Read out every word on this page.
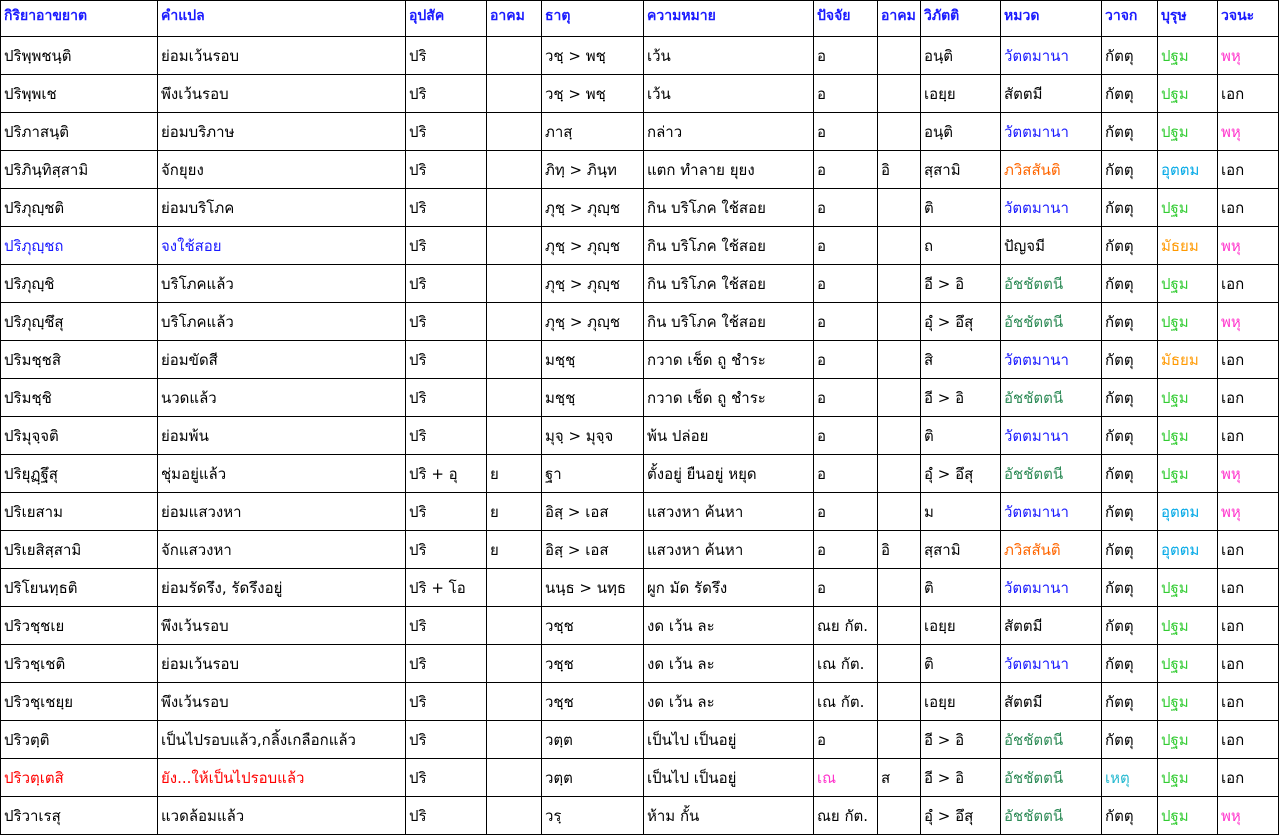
กิริยาอาขยาต	คำแปล	อุปสัค	อาคม	ธาตุ	ความหมาย	ปัจจัย	อาคม	วิภัตติ	หมวด	วาจก	บุรุษ	วจนะ
ปริพฺพชนฺติ	ย่อมเว้นรอบ	ปริ		วชฺ > พชฺ	เว้น	อ		อนฺติ	วัตตมานา	กัตตุ	ปฐม	พหุ
ปริพฺพเช	พึงเว้นรอบ	ปริ		วชฺ > พชฺ	เว้น	อ		เอยฺย	สัตตมี	กัตตุ	ปฐม	เอก
ปริภาสนฺติ	ย่อมบริภาษ	ปริ		ภาสฺ	กล่าว	อ		อนฺติ	วัตตมานา	กัตตุ	ปฐม	พหุ
ปริภินฺทิสฺสามิ	จักยุยง	ปริ		ภิทฺ > ภินฺท	แตก ทำลาย ยุยง	อ	อิ	สฺสามิ	ภวิสสันติ	กัตตุ	อุตตม	เอก
ปริภุญฺชติ	ย่อมบริโภค	ปริ		ภุชฺ > ภุญฺช	กิน บริโภค ใช้สอย	อ		ติ	วัตตมานา	กัตตุ	ปฐม	เอก
ปริภุญฺชถ	จงใช้สอย	ปริ		ภุชฺ > ภุญฺช	กิน บริโภค ใช้สอย	อ		ถ	ปัญจมี	กัตตุ	มัธยม	พหุ
ปริภุญฺชิ	บริโภคแล้ว	ปริ		ภุชฺ > ภุญฺช	กิน บริโภค ใช้สอย	อ		อี > อิ	อัชชัตตนี	กัตตุ	ปฐม	เอก
ปริภุญฺชึสุ	บริโภคแล้ว	ปริ		ภุชฺ > ภุญฺช	กิน บริโภค ใช้สอย	อ		อุํ > อึสุ	อัชชัตตนี	กัตตุ	ปฐม	พหุ
ปริมชฺชสิ	ย่อมขัดสี	ปริ		มชฺชฺ	กวาด เช็ด ถู ชำระ	อ		สิ	วัตตมานา	กัตตุ	มัธยม	เอก
ปริมชฺชิ	นวดแล้ว	ปริ		มชฺชฺ	กวาด เช็ด ถู ชำระ	อ		อี > อิ	อัชชัตตนี	กัตตุ	ปฐม	เอก
ปริมุจฺจติ	ย่อมพ้น	ปริ		มุจฺ > มุจฺจ	พ้น ปล่อย	อ		ติ	วัตตมานา	กัตตุ	ปฐม	เอก
ปริยุฏฺฐึสุ	ชุ่มอยู่แล้ว	ปริ + อุ	ย	ฐา	ตั้งอยู่ ยืนอยู่ หยุด	อ		อุํ > อึสุ	อัชชัตตนี	กัตตุ	ปฐม	พหุ
ปริเยสาม	ย่อมแสวงหา	ปริ	ย	อิสฺ > เอส	แสวงหา ค้นหา	อ		ม	วัตตมานา	กัตตุ	อุตตม	พหุ
ปริเยสิสฺสามิ	จักแสวงหา	ปริ	ย	อิสฺ > เอส	แสวงหา ค้นหา	อ	อิ	สฺสามิ	ภวิสสันติ	กัตตุ	อุตตม	เอก
ปริโยนทฺธติ	ย่อมรัดรึง, รัดรึงอยู่	ปริ + โอ		นนฺธ > นทฺธ	ผูก มัด รัดรึง	อ		ติ	วัตตมานา	กัตตุ	ปฐม	เอก
ปริวชฺชเย	พึงเว้นรอบ	ปริ		วชฺช	งด เว้น ละ	ณย กัต.		เอยฺย	สัตตมี	กัตตุ	ปฐม	เอก
ปริวชฺเชติ	ย่อมเว้นรอบ	ปริ		วชฺช	งด เว้น ละ	เณ กัต.		ติ	วัตตมานา	กัตตุ	ปฐม	เอก
ปริวชฺเชยฺย	พึงเว้นรอบ	ปริ		วชฺช	งด เว้น ละ	เณ กัต.		เอยฺย	สัตตมี	กัตตุ	ปฐม	เอก
ปริวตฺติ	เป็นไปรอบแล้ว,กลิ้งเกลือกแล้ว	ปริ		วตฺต	เป็นไป เป็นอยู่	อ		อี > อิ	อัชชัตตนี	กัตตุ	ปฐม	เอก
ปริวตฺเตสิ	ยัง...ให้เป็นไปรอบแล้ว	ปริ		วตฺต	เป็นไป เป็นอยู่	เณ	ส	อี > อิ	อัชชัตตนี	เหตุ	ปฐม	เอก
ปริวาเรสุ	แวดล้อมแล้ว	ปริ		วรฺ	ห้าม กั้น	ณย กัต.		อุํ > อึสุ	อัชชัตตนี	กัตตุ	ปฐม	พหุ
